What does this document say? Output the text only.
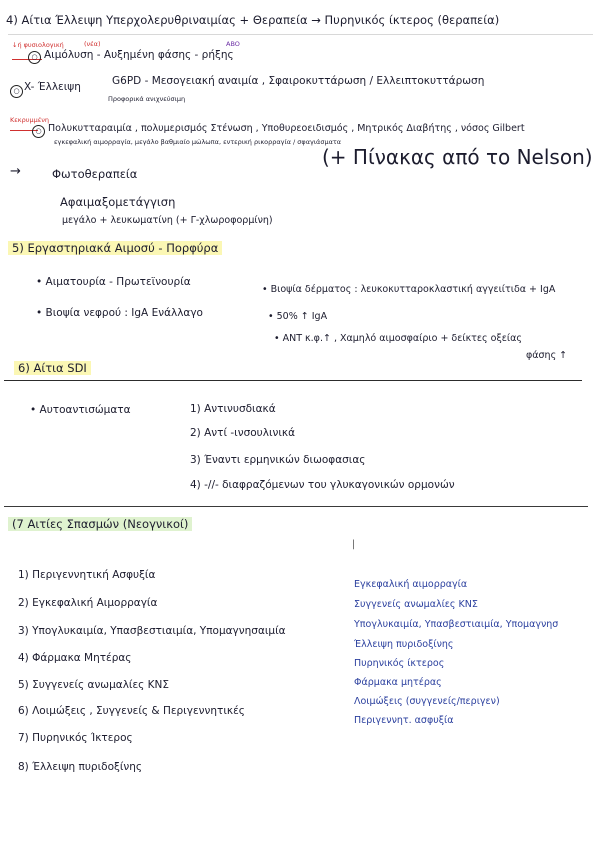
4) Αίτια Έλλειψη Υπερχολερυθριναιμίας + Θεραπεία → Πυρηνικός ίκτερος (θεραπεία)
↓ή φυσιολογική	(νέα)
○ Αιμόλυση - Αυξημένη φάσης - ρήξης
ABO
○ X- Έλλειψη	G6PD - Μεσογειακή αναιμία , Σφαιροκυττάρωση / Ελλειπτοκυττάρωση
Προφορικά ανιχνεύσιμη
Κεκρυμμένη
○ Πολυκυτταραιμία , πολυμερισμός Στένωση , Υποθυρεοειδισμός , Μητρικός Διαβήτης , νόσος Gilbert
εγκεφαλική αιμορραγία, μεγάλο βαθμιαίο μώλωπα, εντερική ρικορραγία / σφαγιάσματα
→	Φωτοθεραπεία
(+ Πίνακας από το Nelson)
Αφαιμαξομετάγγιση
μεγάλο + λευκωματίνη (+ Γ-χλωροφορμίνη)
5) Εργαστηριακά Αιμοσύ - Πορφύρα
• Αιματουρία - Πρωτεϊνουρία
• Βιοψία νεφρού : IgA Ενάλλαγο
• Βιοψία δέρματος : λευκοκυτταροκλαστική αγγειίτιδα + IgA
• 50% ↑ IgA
• ΑΝΤ κ.φ.↑ , Χαμηλό αιμοσφαίριο + δείκτες οξείας
φάσης ↑
6) Αίτια SDI
• Αυτοαντισώματα	1) Αντινυσδιακά
2) Αντί -ινσουλινικά
3) Έναντι ερμηνικών διωοφασιας
4) -//- διαφραζόμενων του γλυκαγονικών ορμονών
(7 Αιτίες Σπασμών (Νεογνικοί)
1) Περιγεννητική Ασφυξία
2) Εγκεφαλική Αιμορραγία
3) Υπογλυκαιμία, Υπασβεστιαιμία, Υπομαγνησαιμία
4) Φάρμακα Μητέρας
5) Συγγενείς ανωμαλίες ΚΝΣ
6) Λοιμώξεις , Συγγενείς & Περιγεννητικές
7) Πυρηνικός Ίκτερος
8) Έλλειψη πυριδοξίνης
|
Εγκεφαλική αιμορραγία
Συγγενείς ανωμαλίες ΚΝΣ
Υπογλυκαιμία, Υπασβεστιαιμία, Υπομαγνησ
Έλλειψη πυριδοξίνης
Πυρηνικός ίκτερος
Φάρμακα μητέρας
Λοιμώξεις (συγγενείς/περιγεν)
Περιγεννητ. ασφυξία
